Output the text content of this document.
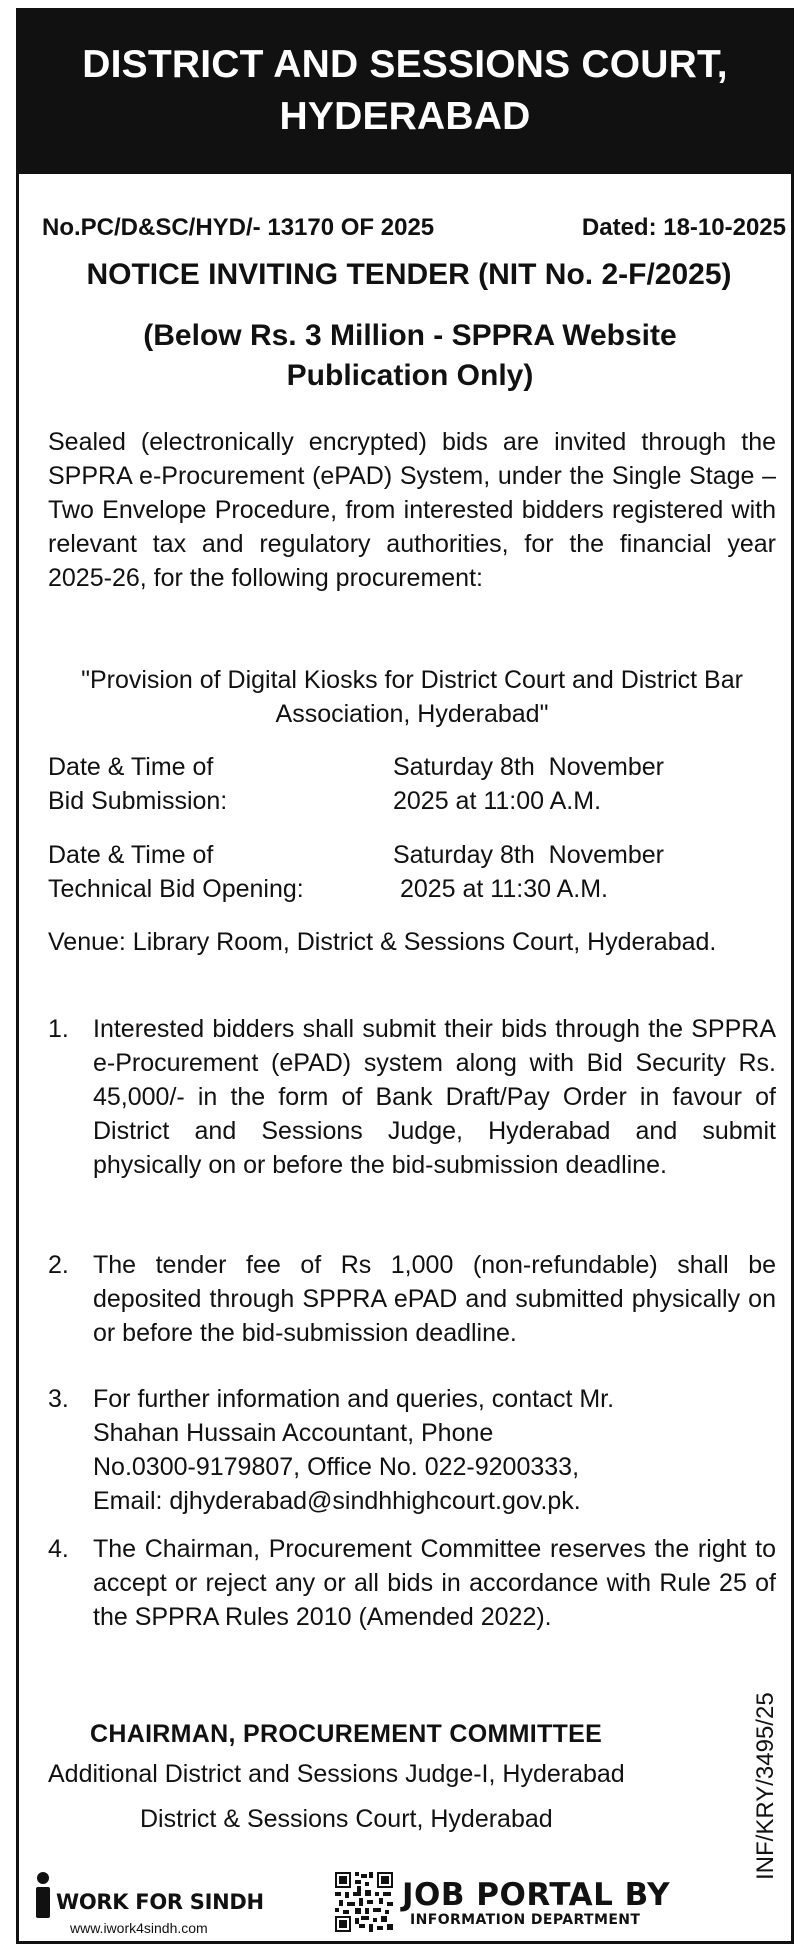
DISTRICT AND SESSIONS COURT,
HYDERABAD
No.PC/D&SC/HYD/- 13170 OF 2025	Dated: 18-10-2025
NOTICE INVITING TENDER (NIT No. 2-F/2025)
(Below Rs. 3 Million - SPPRA Website Publication Only)
Sealed (electronically encrypted) bids are invited through the SPPRA e-Procurement (ePAD) System, under the Single Stage – Two Envelope Procedure, from interested bidders registered with relevant tax and regulatory authorities, for the financial year 2025-26, for the following procurement:
"Provision of Digital Kiosks for District Court and District Bar Association, Hyderabad"
Date & Time of
Bid Submission:
Saturday 8th  November
2025 at 11:00 A.M.
Date & Time of
Technical Bid Opening:
Saturday 8th  November
2025 at 11:30 A.M.
Venue: Library Room, District & Sessions Court, Hyderabad.
1. Interested bidders shall submit their bids through the SPPRA e-Procurement (ePAD) system along with Bid Security Rs. 45,000/- in the form of Bank Draft/Pay Order in favour of District and Sessions Judge, Hyderabad and submit physically on or before the bid-submission deadline.
2. The tender fee of Rs 1,000 (non-refundable) shall be deposited through SPPRA ePAD and submitted physically on or before the bid-submission deadline.
3. For further information and queries, contact Mr.
Shahan Hussain Accountant, Phone
No.0300-9179807, Office No. 022-9200333,
Email: djhyderabad@sindhhighcourt.gov.pk.
4. The Chairman, Procurement Committee reserves the right to accept or reject any or all bids in accordance with Rule 25 of the SPPRA Rules 2010 (Amended 2022).
CHAIRMAN, PROCUREMENT COMMITTEE
Additional District and Sessions Judge-I, Hyderabad
District & Sessions Court, Hyderabad	INF/KRY/3495/25
WORK FOR SINDH
www.iwork4sindh.com
JOB PORTAL BY
INFORMATION DEPARTMENT
